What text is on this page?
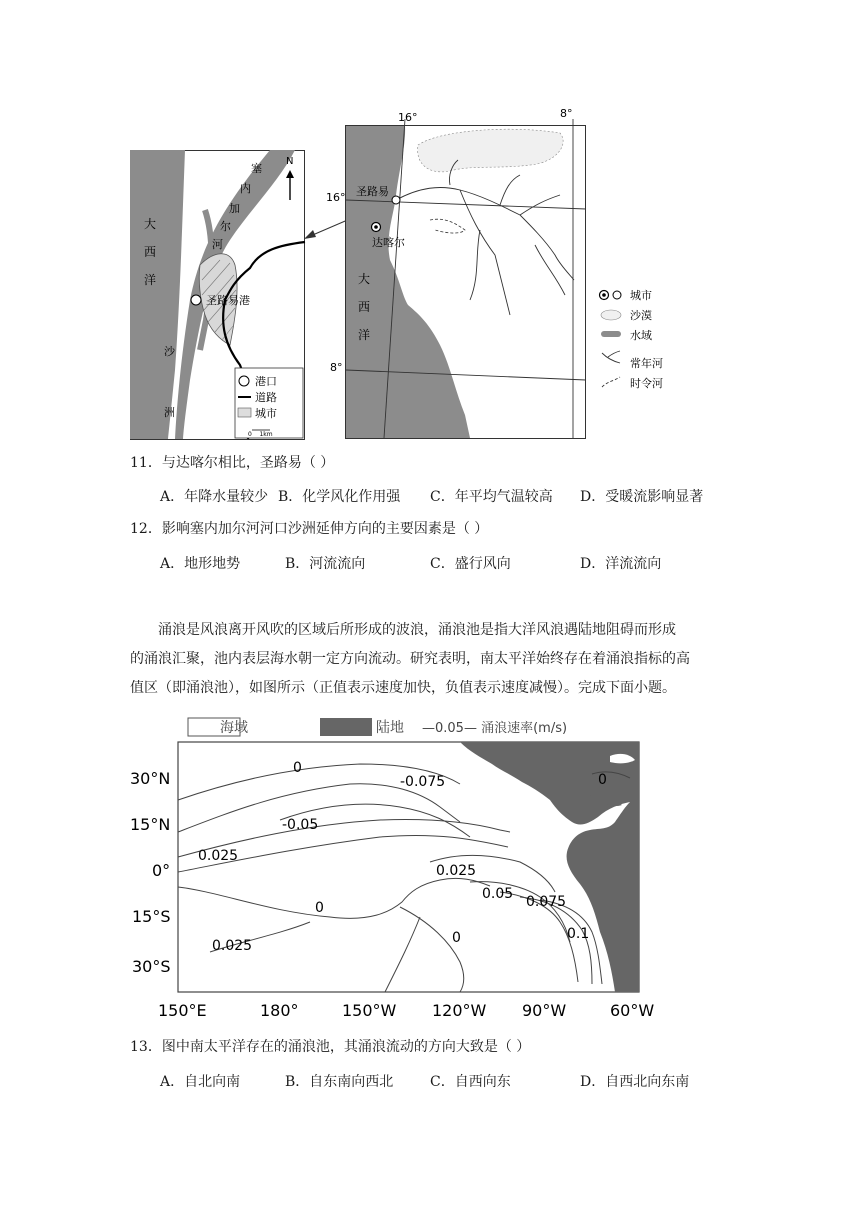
N
大
西
洋
塞
内
加
尔
河
圣路易港
沙
洲
港口
道路
城市
0    1km
16°	8°
16°
8°
圣路易
达喀尔
大
西
洋
城市
沙漠
水域
常年河
时令河
11．与达喀尔相比，圣路易（ ）
A．年降水量较少 B．化学风化作用强 C．年平均气温较高 D．受暖流影响显著
12．影响塞内加尔河河口沙洲延伸方向的主要因素是（ ）
A．地形地势	B．河流流向	C．盛行风向	D．洋流流向
涌浪是风浪离开风吹的区域后所形成的波浪，涌浪池是指大洋风浪遇陆地阻碍而形成
的涌浪汇聚，池内表层海水朝一定方向流动。研究表明，南太平洋始终存在着涌浪指标的高
值区（即涌浪池），如图所示（正值表示速度加快，负值表示速度减慢）。完成下面小题。
海域	陆地 —0.05— 涌浪速率(m/s)
0
-0.075
-0.05
0.025
0.025
0.05 0.075
0
0.1
0.025	0
0
30°N
15°N
0°
15°S
30°S
150°E	180°	150°W 120°W 90°W	60°W
13．图中南太平洋存在的涌浪池，其涌浪流动的方向大致是（ ）
A．自北向南	B．自东南向西北	C．自西向东	D．自西北向东南
